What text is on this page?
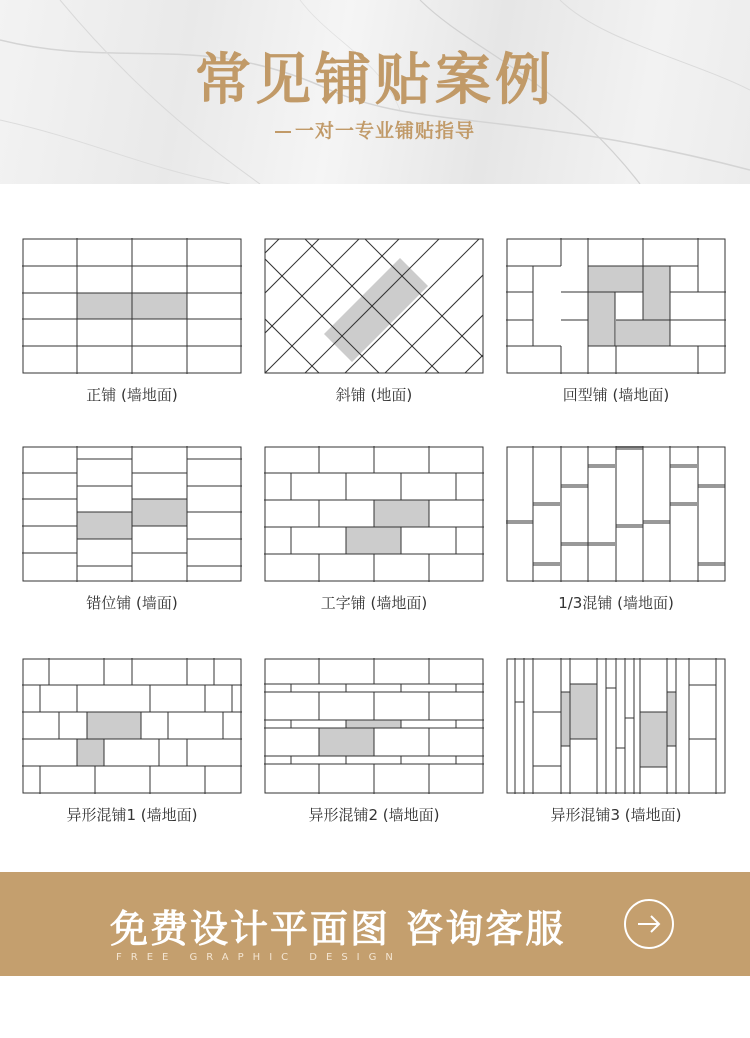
常见铺贴案例
一对一专业铺贴指导
正铺 (墙地面)	斜铺 (地面)	回型铺 (墙地面)
错位铺 (墙面)	工字铺 (墙地面)	1/3混铺 (墙地面)
异形混铺1 (墙地面)	异形混铺2 (墙地面)	异形混铺3 (墙地面)
免费设计平面图 咨询客服
FREE GRAPHIC DESIGN
